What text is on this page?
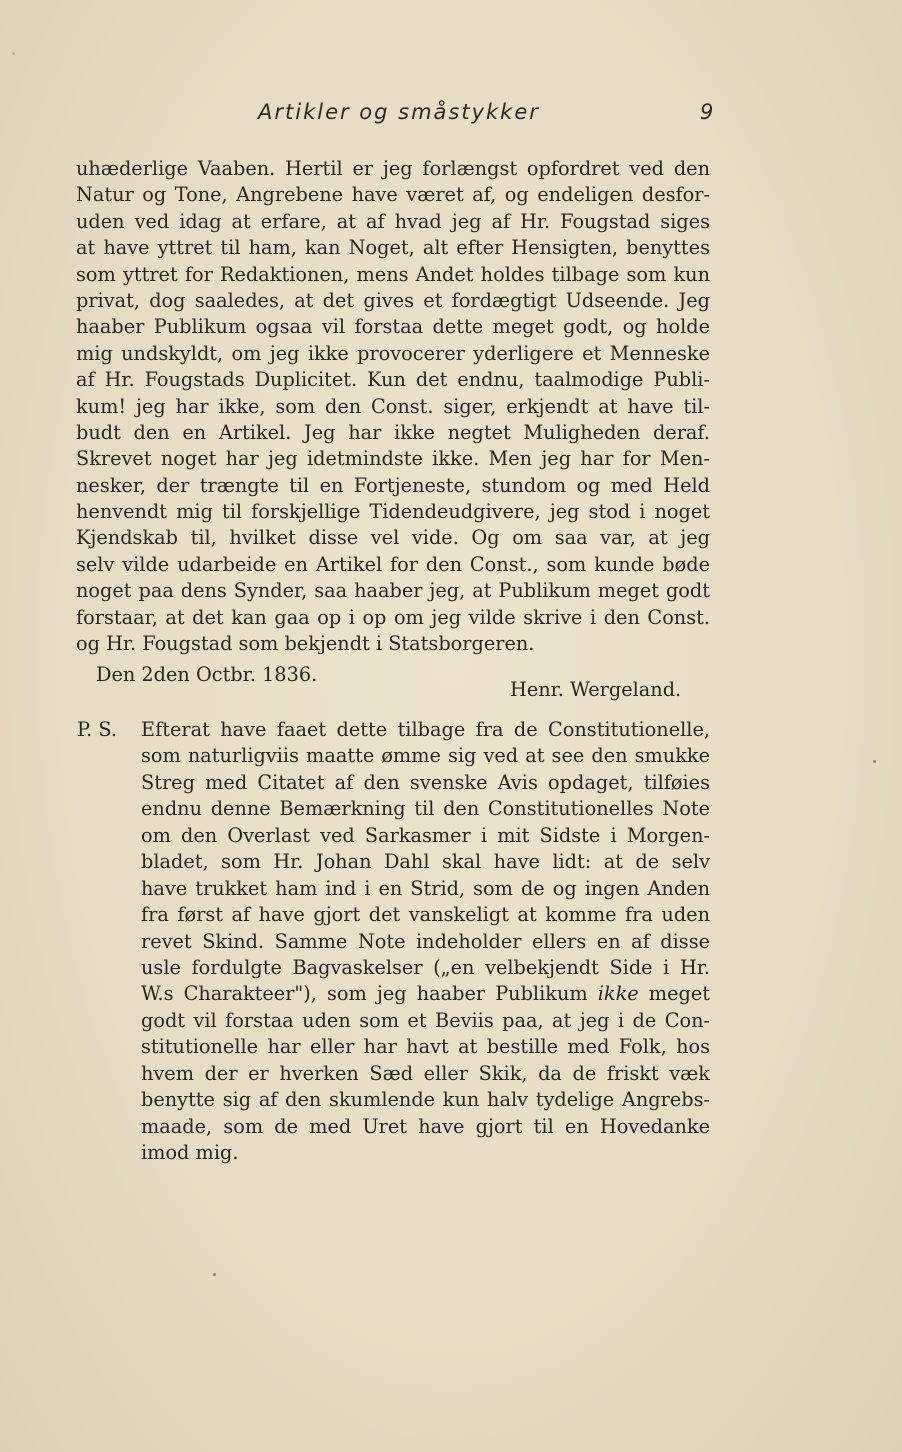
Artikler og småstykker	9
uhæderlige Vaaben. Hertil er jeg forlængst opfordret ved den
Natur og Tone, Angrebene have været af, og endeligen desfor-
uden ved idag at erfare, at af hvad jeg af Hr. Fougstad siges
at have yttret til ham, kan Noget, alt efter Hensigten, benyttes
som yttret for Redaktionen, mens Andet holdes tilbage som kun
privat, dog saaledes, at det gives et fordægtigt Udseende. Jeg
haaber Publikum ogsaa vil forstaa dette meget godt, og holde
mig undskyldt, om jeg ikke provocerer yderligere et Menneske
af Hr. Fougstads Duplicitet. Kun det endnu, taalmodige Publi-
kum! jeg har ikke, som den Const. siger, erkjendt at have til-
budt den en Artikel. Jeg har ikke negtet Muligheden deraf.
Skrevet noget har jeg idetmindste ikke. Men jeg har for Men-
nesker, der trængte til en Fortjeneste, stundom og med Held
henvendt mig til forskjellige Tidendeudgivere, jeg stod i noget
Kjendskab til, hvilket disse vel vide. Og om saa var, at jeg
selv vilde udarbeide en Artikel for den Const., som kunde bøde
noget paa dens Synder, saa haaber jeg, at Publikum meget godt
forstaar, at det kan gaa op i op om jeg vilde skrive i den Const.
og Hr. Fougstad som bekjendt i Statsborgeren.
Den 2den Octbr. 1836.
Henr. Wergeland.
P. S. Efterat have faaet dette tilbage fra de Constitutionelle,
som naturligviis maatte ømme sig ved at see den smukke
Streg med Citatet af den svenske Avis opdaget, tilføies
endnu denne Bemærkning til den Constitutionelles Note
om den Overlast ved Sarkasmer i mit Sidste i Morgen-
bladet, som Hr. Johan Dahl skal have lidt: at de selv
have trukket ham ind i en Strid, som de og ingen Anden
fra først af have gjort det vanskeligt at komme fra uden
revet Skind. Samme Note indeholder ellers en af disse
usle fordulgte Bagvaskelser („en velbekjendt Side i Hr.
W.s Charakteer"), som jeg haaber Publikum ikke meget
godt vil forstaa uden som et Beviis paa, at jeg i de Con-
stitutionelle har eller har havt at bestille med Folk, hos
hvem der er hverken Sæd eller Skik, da de friskt væk
benytte sig af den skumlende kun halv tydelige Angrebs-
maade, som de med Uret have gjort til en Hovedanke
imod mig.
